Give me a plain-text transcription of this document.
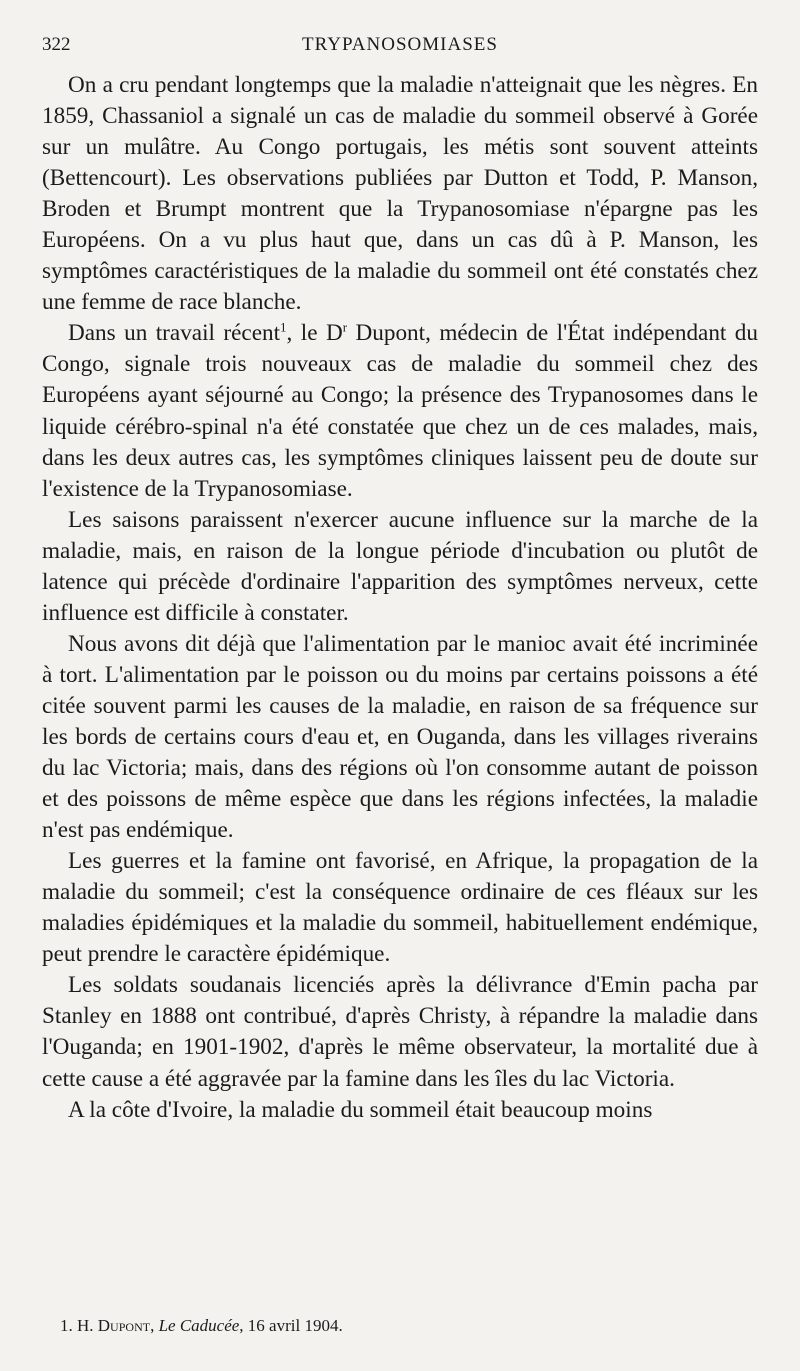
322	TRYPANOSOMIASES

On a cru pendant longtemps que la maladie n'atteignait que les nègres. En 1859, Chassaniol a signalé un cas de maladie du sommeil observé à Gorée sur un mulâtre. Au Congo portugais, les métis sont souvent atteints (Bettencourt). Les observations publiées par Dutton et Todd, P. Manson, Broden et Brumpt montrent que la Trypanosomiase n'épargne pas les Européens. On a vu plus haut que, dans un cas dû à P. Manson, les symptômes caractéristiques de la maladie du sommeil ont été constatés chez une femme de race blanche.

Dans un travail récent$^1$, le D$^r$ Dupont, médecin de l'État indépendant du Congo, signale trois nouveaux cas de maladie du sommeil chez des Européens ayant séjourné au Congo; la présence des Trypanosomes dans le liquide cérébro-spinal n'a été constatée que chez un de ces malades, mais, dans les deux autres cas, les symptômes cliniques laissent peu de doute sur l'existence de la Trypanosomiase.

Les saisons paraissent n'exercer aucune influence sur la marche de la maladie, mais, en raison de la longue période d'incubation ou plutôt de latence qui précède d'ordinaire l'apparition des symptômes nerveux, cette influence est difficile à constater.

Nous avons dit déjà que l'alimentation par le manioc avait été incriminée à tort. L'alimentation par le poisson ou du moins par certains poissons a été citée souvent parmi les causes de la maladie, en raison de sa fréquence sur les bords de certains cours d'eau et, en Ouganda, dans les villages riverains du lac Victoria; mais, dans des régions où l'on consomme autant de poisson et des poissons de même espèce que dans les régions infectées, la maladie n'est pas endémique.

Les guerres et la famine ont favorisé, en Afrique, la propagation de la maladie du sommeil; c'est la conséquence ordinaire de ces fléaux sur les maladies épidémiques et la maladie du sommeil, habituellement endémique, peut prendre le caractère épidémique.

Les soldats soudanais licenciés après la délivrance d'Emin pacha par Stanley en 1888 ont contribué, d'après Christy, à répandre la maladie dans l'Ouganda; en 1901-1902, d'après le même observateur, la mortalité due à cette cause a été aggravée par la famine dans les îles du lac Victoria.

A la côte d'Ivoire, la maladie du sommeil était beaucoup moins

1. H. Dupont, Le Caducée, 16 avril 1904.
